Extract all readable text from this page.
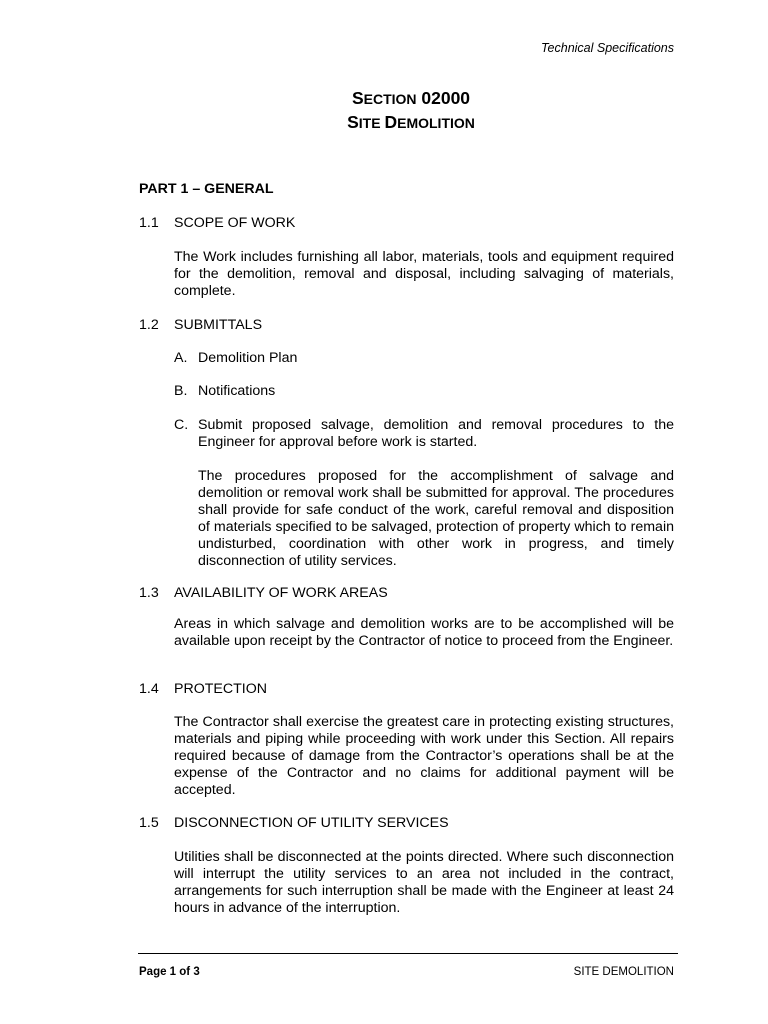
Technical Specifications
SECTION 02000
SITE DEMOLITION
PART 1 – GENERAL
1.1 SCOPE OF WORK
The Work includes furnishing all labor, materials, tools and equipment required for the demolition, removal and disposal, including salvaging of materials, complete.
1.2 SUBMITTALS
A. Demolition Plan
B. Notifications
C. Submit proposed salvage, demolition and removal procedures to the Engineer for approval before work is started.
The procedures proposed for the accomplishment of salvage and demolition or removal work shall be submitted for approval. The procedures shall provide for safe conduct of the work, careful removal and disposition of materials specified to be salvaged, protection of property which to remain undisturbed, coordination with other work in progress, and timely disconnection of utility services.
1.3 AVAILABILITY OF WORK AREAS
Areas in which salvage and demolition works are to be accomplished will be available upon receipt by the Contractor of notice to proceed from the Engineer.
1.4 PROTECTION
The Contractor shall exercise the greatest care in protecting existing structures, materials and piping while proceeding with work under this Section. All repairs required because of damage from the Contractor’s operations shall be at the expense of the Contractor and no claims for additional payment will be accepted.
1.5 DISCONNECTION OF UTILITY SERVICES
Utilities shall be disconnected at the points directed. Where such disconnection will interrupt the utility services to an area not included in the contract, arrangements for such interruption shall be made with the Engineer at least 24 hours in advance of the interruption.
Page 1 of 3	SITE DEMOLITION
